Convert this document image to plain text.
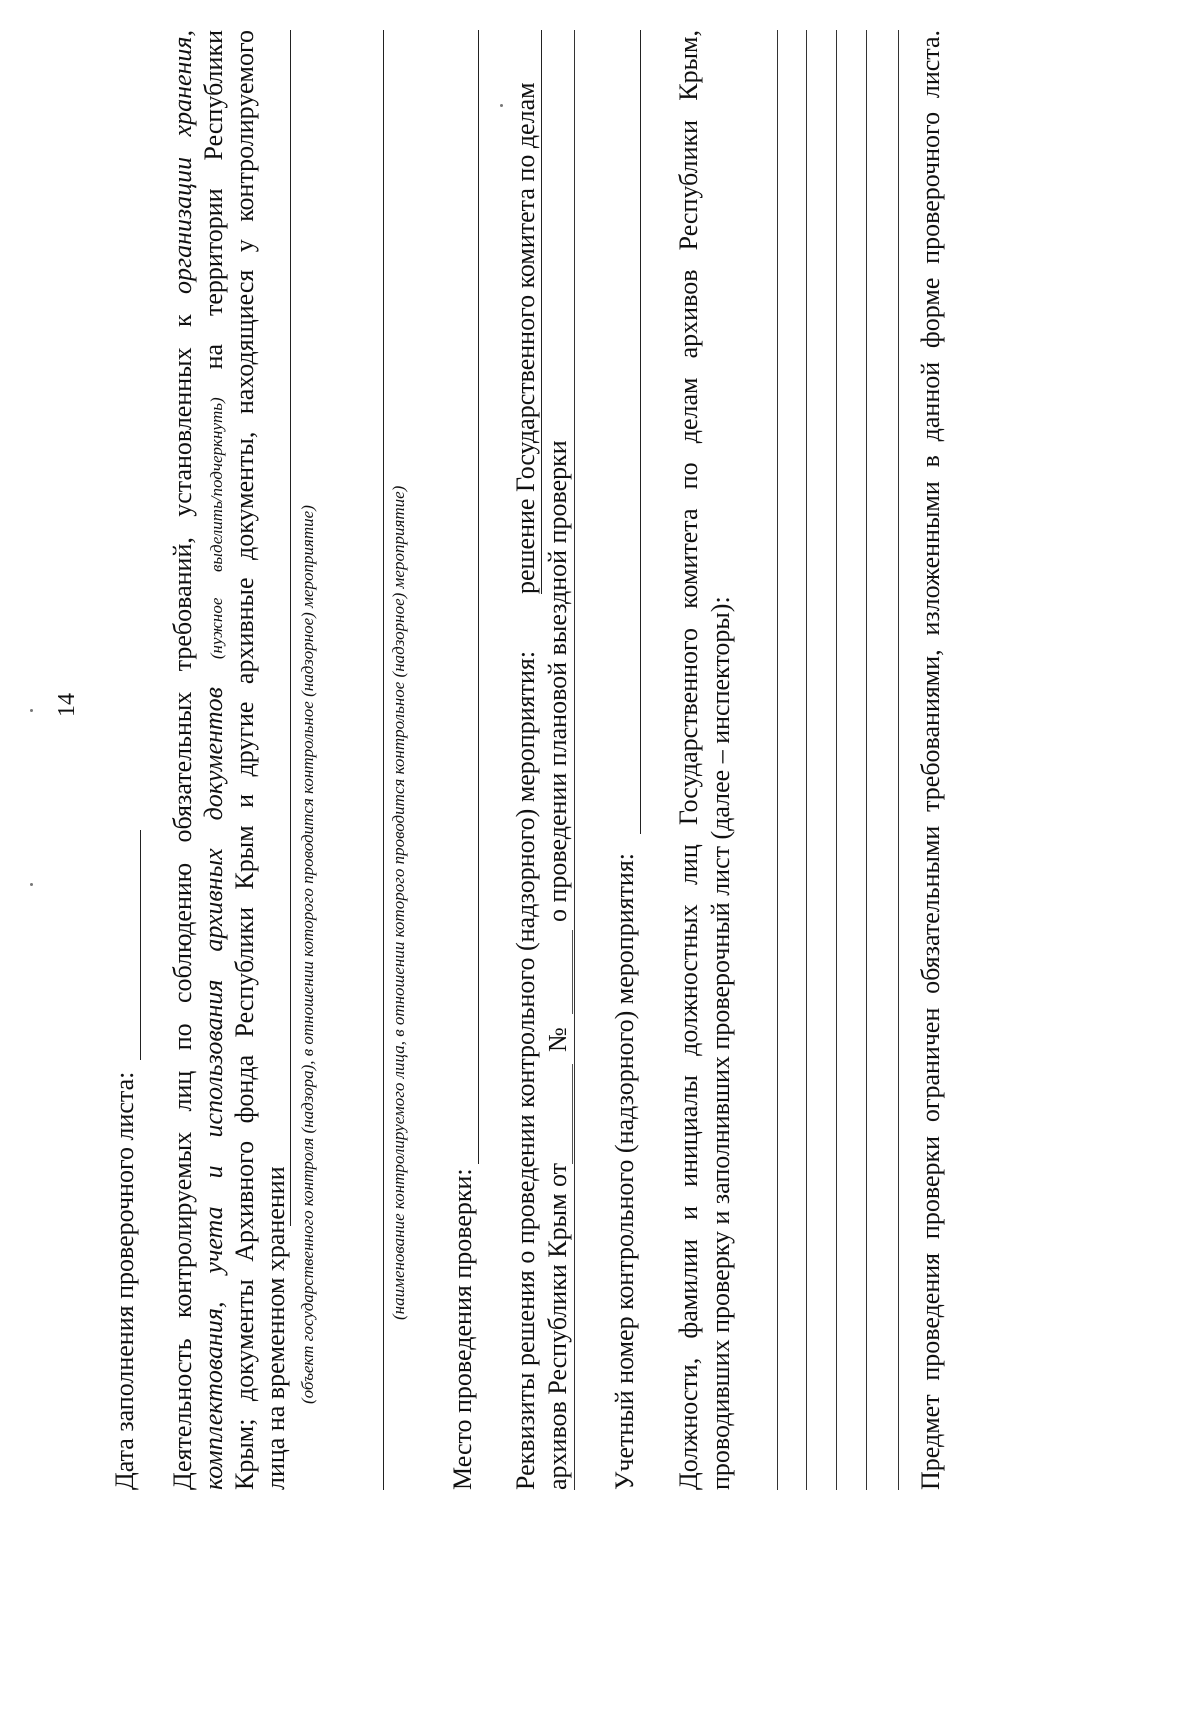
14
Дата заполнения проверочного листа: Деятельность контролируемых лиц по соблюдению обязательных требований, установленных к организации хранения,
комплектования, учета и использования архивных документов (нужное выделить/подчеркнуть) на территории Республики Крым; документы Архивного фонда Республики Крым и другие архивные документы, находящиеся у контролируемого лица на временном хранении (объект государственного контроля (надзора), в отношении которого проводится контрольное (надзорное) мероприятие)	(наименование контролируемого лица, в отношении которого проводится контрольное (надзорное) мероприятие)
Место проведения проверки: Реквизиты решения о проведении контрольного (надзорного) мероприятия:
решение Государственного комитета по делам
архивов Республики Крым от
№
о проведении плановой выездной проверки
Учетный номер контрольного (надзорного) мероприятия: Должности, фамилии и инициалы должностных лиц Государственного комитета по делам архивов Республики Крым, проводивших проверку и заполнивших проверочный лист (далее – инспекторы):	Предмет проведения проверки ограничен обязательными требованиями, изложенными в данной форме проверочного листа.
